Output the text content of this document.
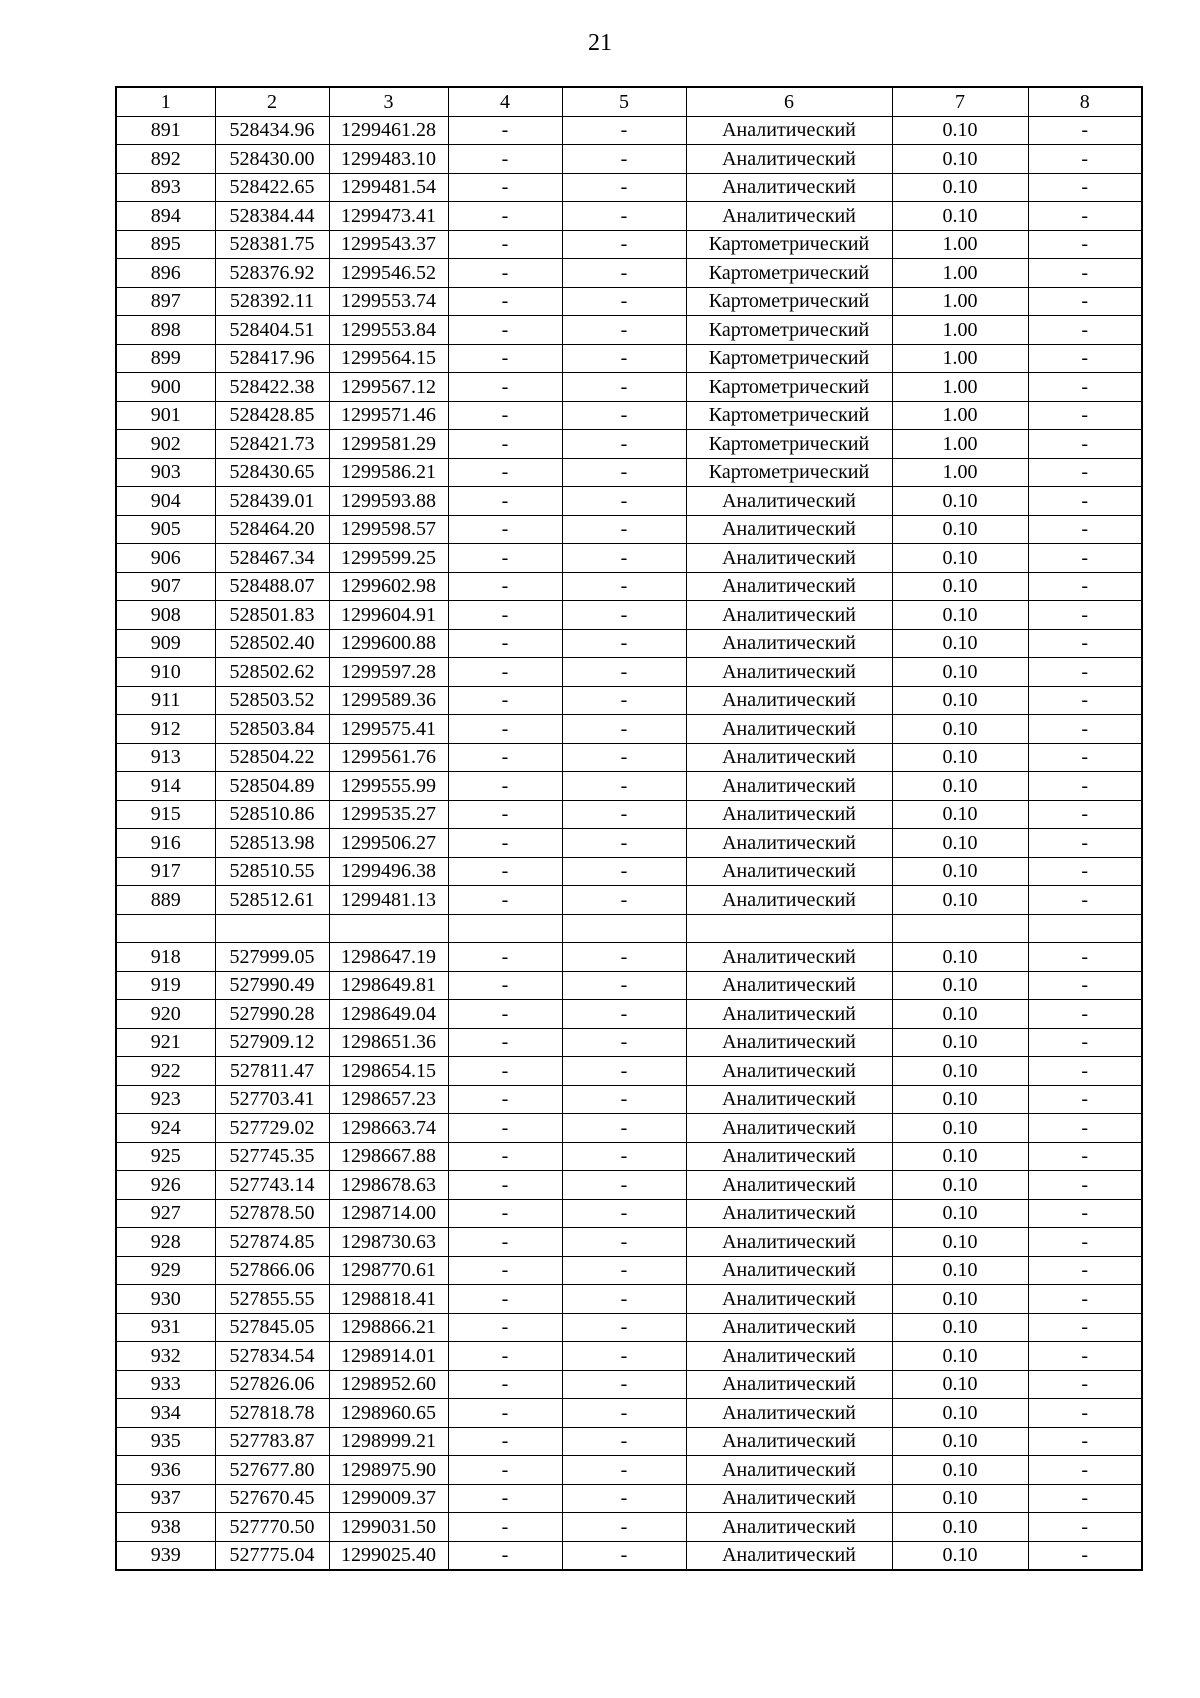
21
1	2	3	4	5	6	7	8
891	528434.96	1299461.28	-	-	Аналитический	0.10	-
892	528430.00	1299483.10	-	-	Аналитический	0.10	-
893	528422.65	1299481.54	-	-	Аналитический	0.10	-
894	528384.44	1299473.41	-	-	Аналитический	0.10	-
895	528381.75	1299543.37	-	-	Картометрический	1.00	-
896	528376.92	1299546.52	-	-	Картометрический	1.00	-
897	528392.11	1299553.74	-	-	Картометрический	1.00	-
898	528404.51	1299553.84	-	-	Картометрический	1.00	-
899	528417.96	1299564.15	-	-	Картометрический	1.00	-
900	528422.38	1299567.12	-	-	Картометрический	1.00	-
901	528428.85	1299571.46	-	-	Картометрический	1.00	-
902	528421.73	1299581.29	-	-	Картометрический	1.00	-
903	528430.65	1299586.21	-	-	Картометрический	1.00	-
904	528439.01	1299593.88	-	-	Аналитический	0.10	-
905	528464.20	1299598.57	-	-	Аналитический	0.10	-
906	528467.34	1299599.25	-	-	Аналитический	0.10	-
907	528488.07	1299602.98	-	-	Аналитический	0.10	-
908	528501.83	1299604.91	-	-	Аналитический	0.10	-
909	528502.40	1299600.88	-	-	Аналитический	0.10	-
910	528502.62	1299597.28	-	-	Аналитический	0.10	-
911	528503.52	1299589.36	-	-	Аналитический	0.10	-
912	528503.84	1299575.41	-	-	Аналитический	0.10	-
913	528504.22	1299561.76	-	-	Аналитический	0.10	-
914	528504.89	1299555.99	-	-	Аналитический	0.10	-
915	528510.86	1299535.27	-	-	Аналитический	0.10	-
916	528513.98	1299506.27	-	-	Аналитический	0.10	-
917	528510.55	1299496.38	-	-	Аналитический	0.10	-
889	528512.61	1299481.13	-	-	Аналитический	0.10	-

918	527999.05	1298647.19	-	-	Аналитический	0.10	-
919	527990.49	1298649.81	-	-	Аналитический	0.10	-
920	527990.28	1298649.04	-	-	Аналитический	0.10	-
921	527909.12	1298651.36	-	-	Аналитический	0.10	-
922	527811.47	1298654.15	-	-	Аналитический	0.10	-
923	527703.41	1298657.23	-	-	Аналитический	0.10	-
924	527729.02	1298663.74	-	-	Аналитический	0.10	-
925	527745.35	1298667.88	-	-	Аналитический	0.10	-
926	527743.14	1298678.63	-	-	Аналитический	0.10	-
927	527878.50	1298714.00	-	-	Аналитический	0.10	-
928	527874.85	1298730.63	-	-	Аналитический	0.10	-
929	527866.06	1298770.61	-	-	Аналитический	0.10	-
930	527855.55	1298818.41	-	-	Аналитический	0.10	-
931	527845.05	1298866.21	-	-	Аналитический	0.10	-
932	527834.54	1298914.01	-	-	Аналитический	0.10	-
933	527826.06	1298952.60	-	-	Аналитический	0.10	-
934	527818.78	1298960.65	-	-	Аналитический	0.10	-
935	527783.87	1298999.21	-	-	Аналитический	0.10	-
936	527677.80	1298975.90	-	-	Аналитический	0.10	-
937	527670.45	1299009.37	-	-	Аналитический	0.10	-
938	527770.50	1299031.50	-	-	Аналитический	0.10	-
939	527775.04	1299025.40	-	-	Аналитический	0.10	-
